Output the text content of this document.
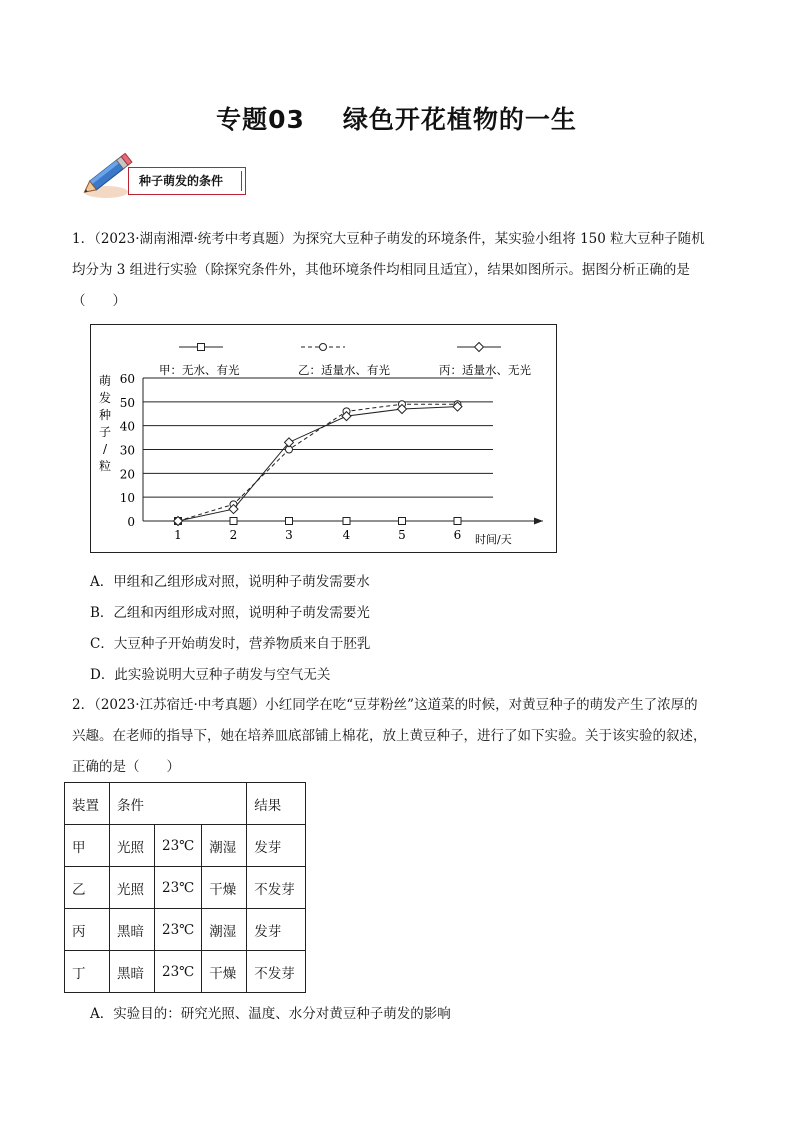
专题03 绿色开花植物的一生
种子萌发的条件
1．（2023·湖南湘潭·统考中考真题）为探究大豆种子萌发的环境条件，某实验小组将 150 粒大豆种子随机
均分为 3 组进行实验（除探究条件外，其他环境条件均相同且适宜），结果如图所示。据图分析正确的是
（　　）
0
10
20
30
40
50
60
1	2	3	4	5	6 时间/天
萌
发
种
子
/
粒
甲：无水、有光	乙：适量水、有光	丙：适量水、无光
A．甲组和乙组形成对照，说明种子萌发需要水
B．乙组和丙组形成对照，说明种子萌发需要光
C．大豆种子开始萌发时，营养物质来自于胚乳
D．此实验说明大豆种子萌发与空气无关
2．（2023·江苏宿迁·中考真题）小红同学在吃“豆芽粉丝”这道菜的时候，对黄豆种子的萌发产生了浓厚的
兴趣。在老师的指导下，她在培养皿底部铺上棉花，放上黄豆种子，进行了如下实验。关于该实验的叙述，
正确的是（　　）
装置	条件			结果
甲	光照	23℃	潮湿	发芽
乙	光照	23℃	干燥	不发芽
丙	黑暗	23℃	潮湿	发芽
丁	黑暗	23℃	干燥	不发芽
A．实验目的：研究光照、温度、水分对黄豆种子萌发的影响
